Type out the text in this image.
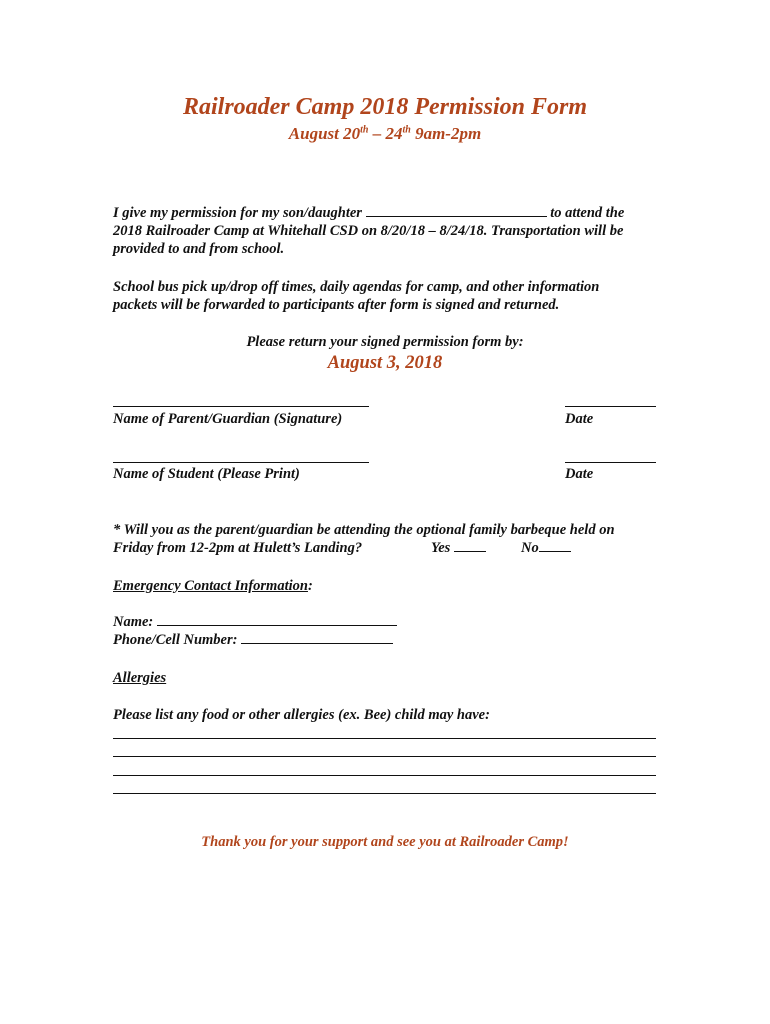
Railroader Camp 2018 Permission Form
August 20th – 24th 9am-2pm
I give my permission for my son/daughter	to attend the
2018 Railroader Camp at Whitehall CSD on 8/20/18 – 8/24/18. Transportation will be
provided to and from school.
School bus pick up/drop off times, daily agendas for camp, and other information
packets will be forwarded to participants after form is signed and returned.
Please return your signed permission form by:
August 3, 2018
Name of Parent/Guardian (Signature)	Date
Name of Student (Please Print)	Date
* Will you as the parent/guardian be attending the optional family barbeque held on
Friday from 12-2pm at Hulett’s Landing?	Yes	No
Emergency Contact Information:
Name:
Phone/Cell Number:
Allergies
Please list any food or other allergies (ex. Bee) child may have:
Thank you for your support and see you at Railroader Camp!
